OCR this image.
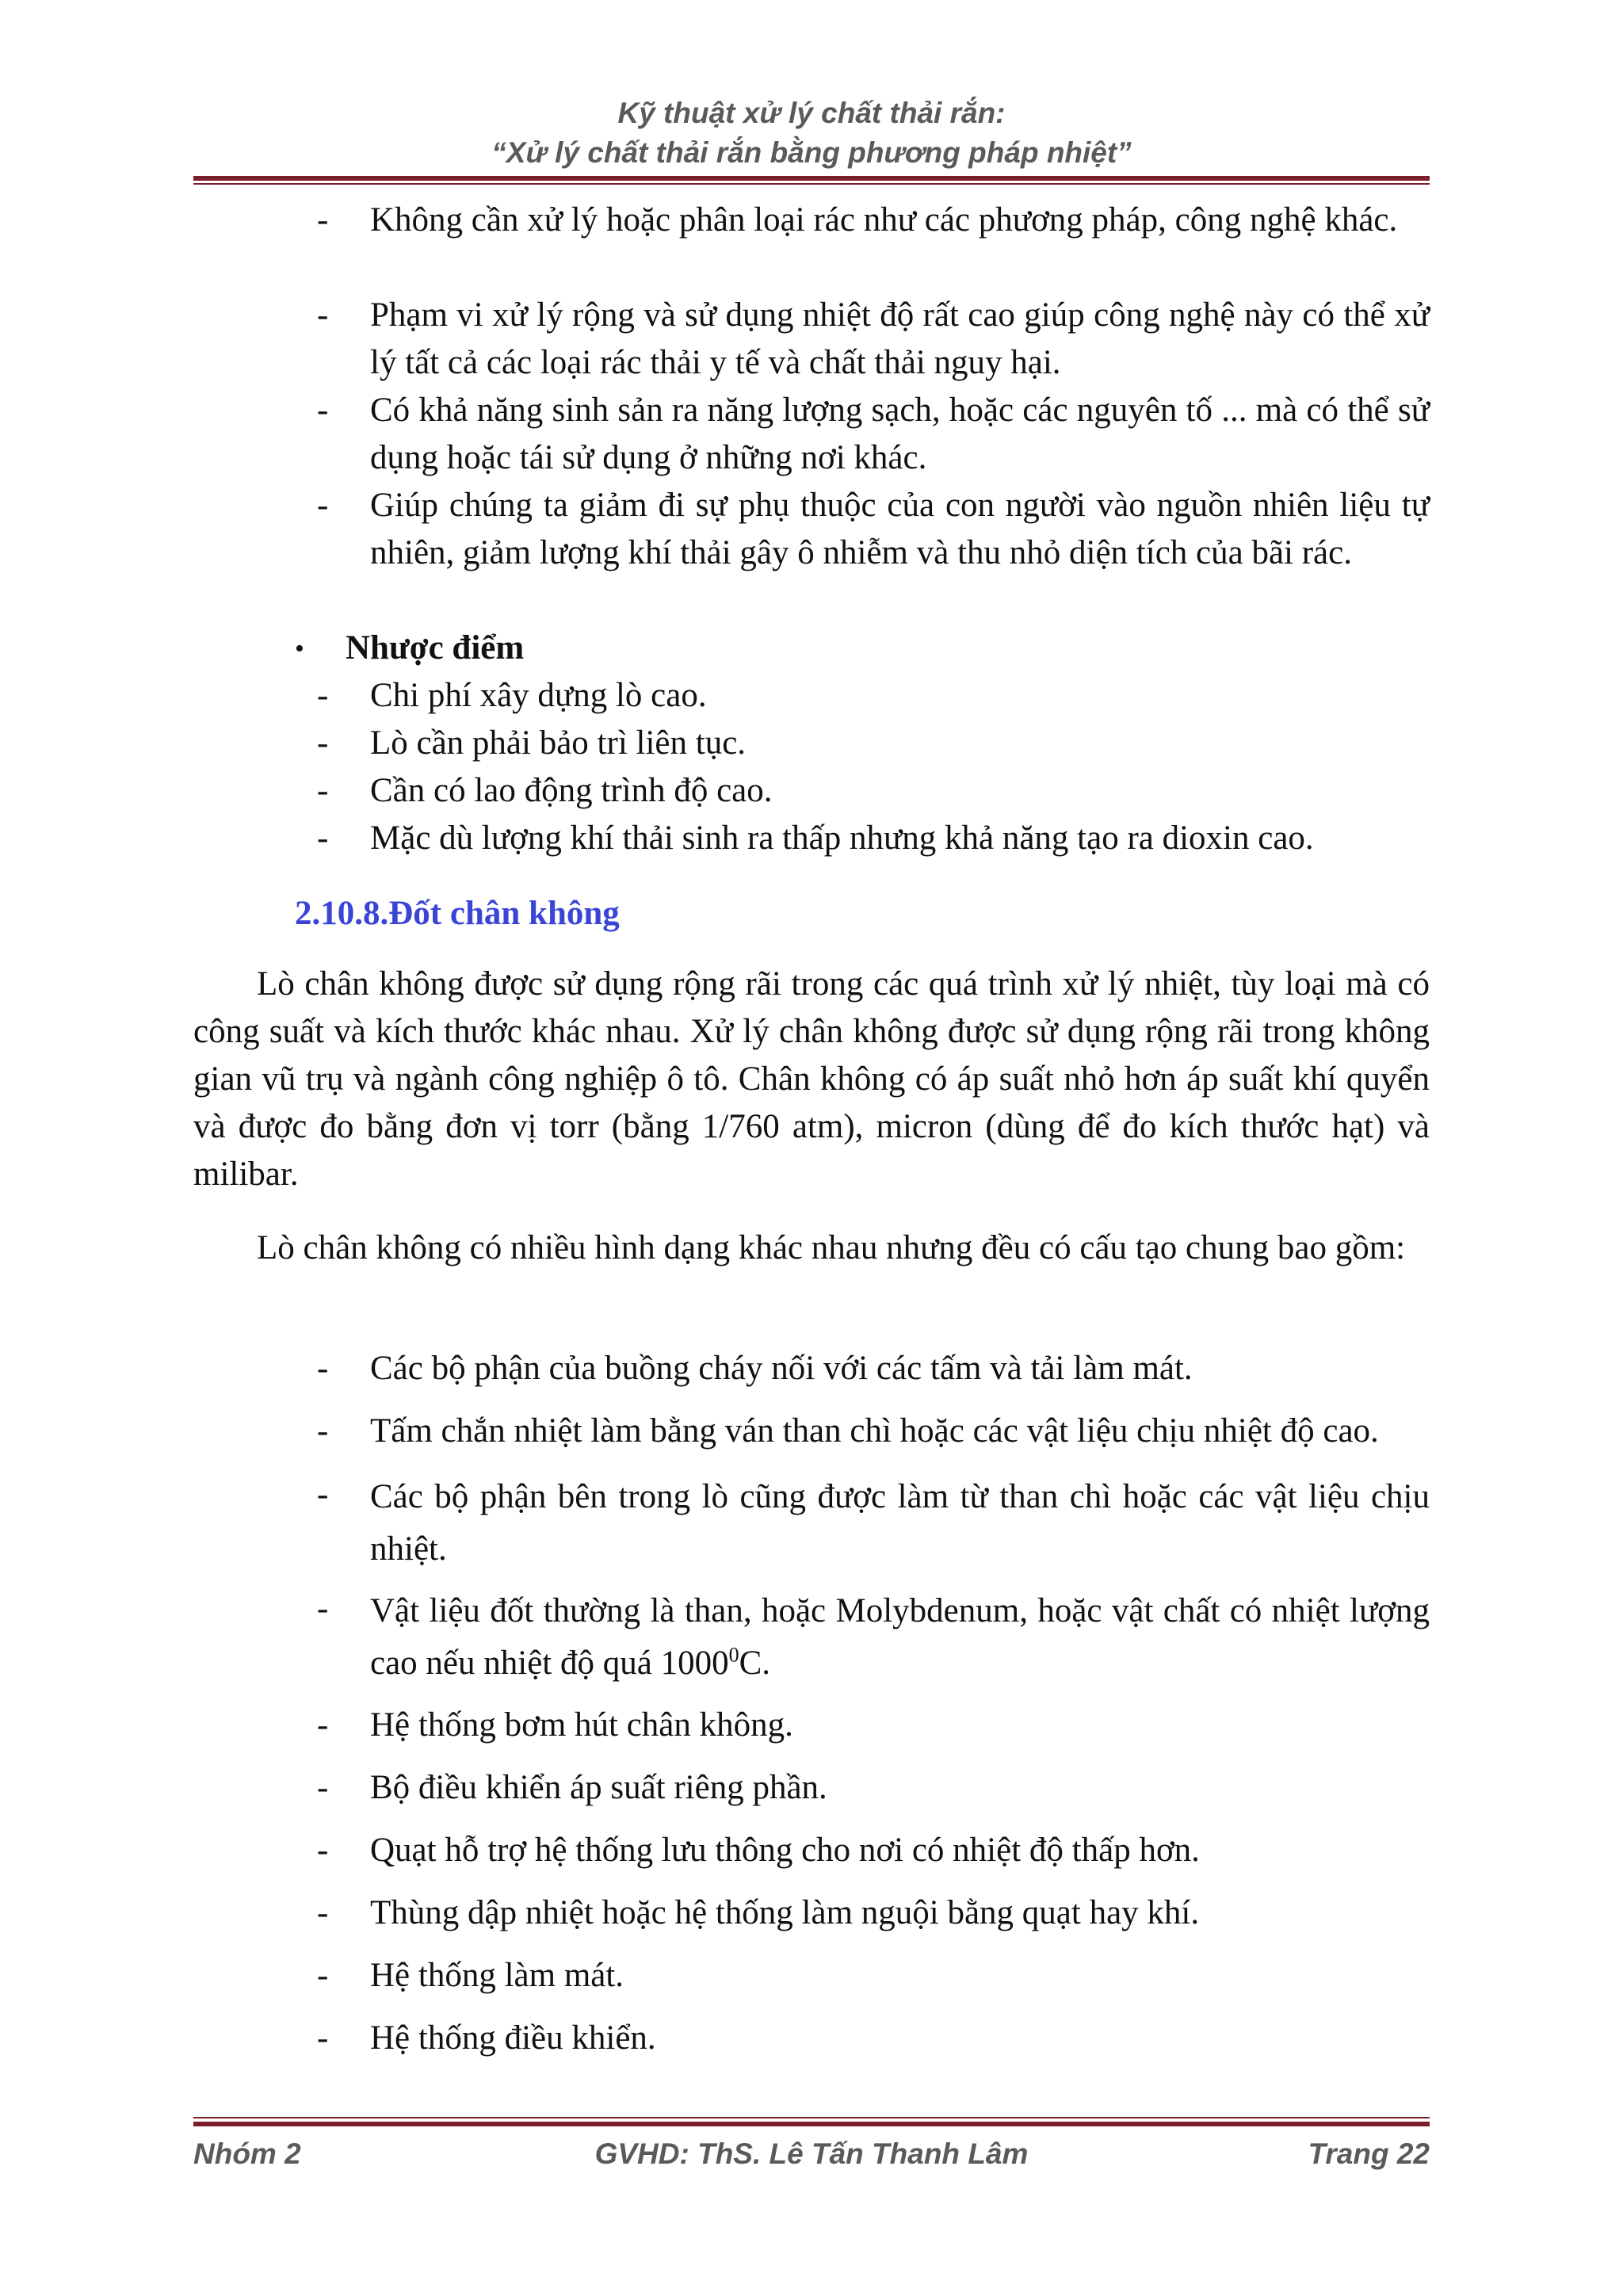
Kỹ thuật xử lý chất thải rắn:
“Xử lý chất thải rắn bằng phương pháp nhiệt”
- Không cần xử lý hoặc phân loại rác như các phương pháp, công nghệ khác.
- Phạm vi xử lý rộng và sử dụng nhiệt độ rất cao giúp công nghệ này có thể xử lý tất cả các loại rác thải y tế và chất thải nguy hại.
- Có khả năng sinh sản ra năng lượng sạch, hoặc các nguyên tố ... mà có thể sử dụng hoặc tái sử dụng ở những nơi khác.
- Giúp chúng ta giảm đi sự phụ thuộc của con người vào nguồn nhiên liệu tự nhiên, giảm lượng khí thải gây ô nhiễm và thu nhỏ diện tích của bãi rác.
• Nhược điểm
- Chi phí xây dựng lò cao.
- Lò cần phải bảo trì liên tục.
- Cần có lao động trình độ cao.
- Mặc dù lượng khí thải sinh ra thấp nhưng khả năng tạo ra dioxin cao.
2.10.8.Đốt chân không
Lò chân không được sử dụng rộng rãi trong các quá trình xử lý nhiệt, tùy loại mà có công suất và kích thước khác nhau. Xử lý chân không được sử dụng rộng rãi trong không gian vũ trụ và ngành công nghiệp ô tô. Chân không có áp suất nhỏ hơn áp suất khí quyển và được đo bằng đơn vị torr (bằng 1/760 atm), micron (dùng để đo kích thước hạt) và milibar.
Lò chân không có nhiều hình dạng khác nhau nhưng đều có cấu tạo chung bao gồm:
- Các bộ phận của buồng cháy nối với các tấm và tải làm mát.
- Tấm chắn nhiệt làm bằng ván than chì hoặc các vật liệu chịu nhiệt độ cao.
- Các bộ phận bên trong lò cũng được làm từ than chì hoặc các vật liệu chịu nhiệt.
- Vật liệu đốt thường là than, hoặc Molybdenum, hoặc vật chất có nhiệt lượng cao nếu nhiệt độ quá 1000$^0$C.
- Hệ thống bơm hút chân không.
- Bộ điều khiển áp suất riêng phần.
- Quạt hỗ trợ hệ thống lưu thông cho nơi có nhiệt độ thấp hơn.
- Thùng dập nhiệt hoặc hệ thống làm nguội bằng quạt hay khí.
- Hệ thống làm mát.
- Hệ thống điều khiển.
Nhóm 2	GVHD: ThS. Lê Tấn Thanh Lâm	Trang 22
